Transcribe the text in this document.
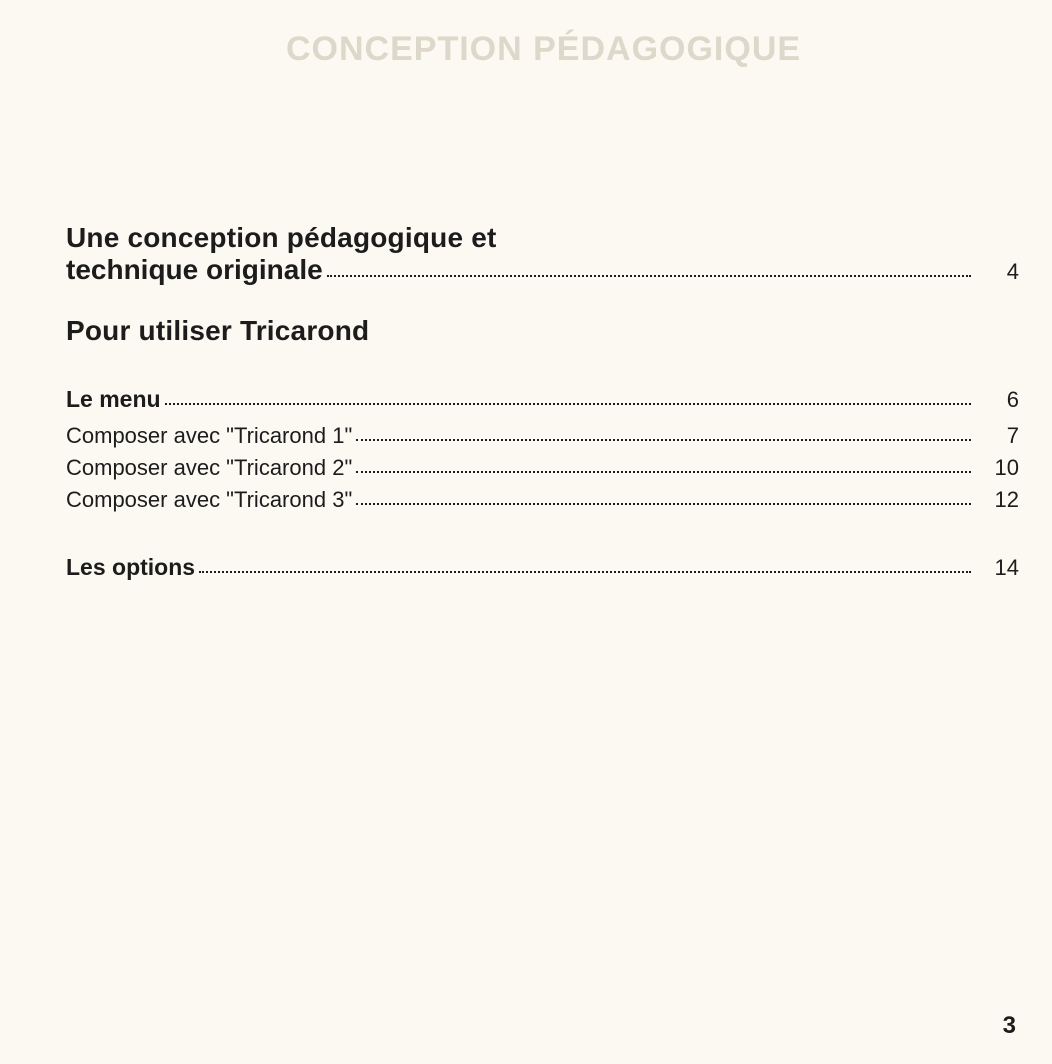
CONCEPTION PÉDAGOGIQUE
Une conception pédagogique et
technique originale	4
Pour utiliser Tricarond
Le menu	6
Composer avec "Tricarond 1"	7
Composer avec "Tricarond 2"	10
Composer avec "Tricarond 3"	12
Les options	14
3
